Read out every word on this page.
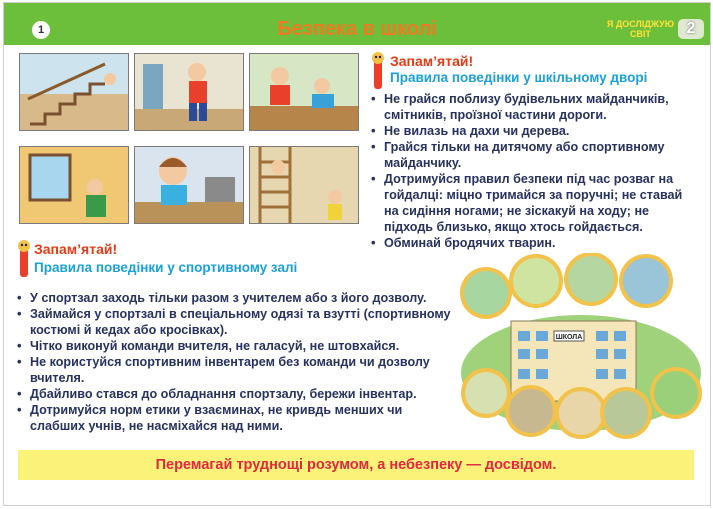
1	Безпека в школі	Я ДОСЛІДЖУЮ
СВІТ	2
Запам’ятай!
Правила поведінки у шкільному дворі
• Не грайся поблизу будівельних майданчиків, смітників, проїзної частини дороги.
• Не вилазь на дахи чи дерева.
• Грайся тільки на дитячому або спортивному майданчику.
• Дотримуйся правил безпеки під час розваг на гойдалці: міцно тримайся за поручні; не ставай на сидіння ногами; не зіскакуй на ходу; не підходь близько, якщо хтось гойдається.
• Обминай бродячих тварин.
Запам’ятай!
Правила поведінки у спортивному залі
• У спортзал заходь тільки разом з учителем або з його дозволу.
• Займайся у спортзалі в спеціальному одязі та взутті (спортивному костюмі й кедах або кросівках).
• Чітко виконуй команди вчителя, не галасуй, не штовхайся.
• Не користуйся спортивним інвентарем без команди чи дозволу вчителя.
• Дбайливо стався до обладнання спортзалу, бережи інвентар.
• Дотримуйся норм етики у взаєминах, не кривдь менших чи слабших учнів, не насміхайся над ними.
ШКОЛА
Перемагай труднощі розумом, а небезпеку — досвідом.
